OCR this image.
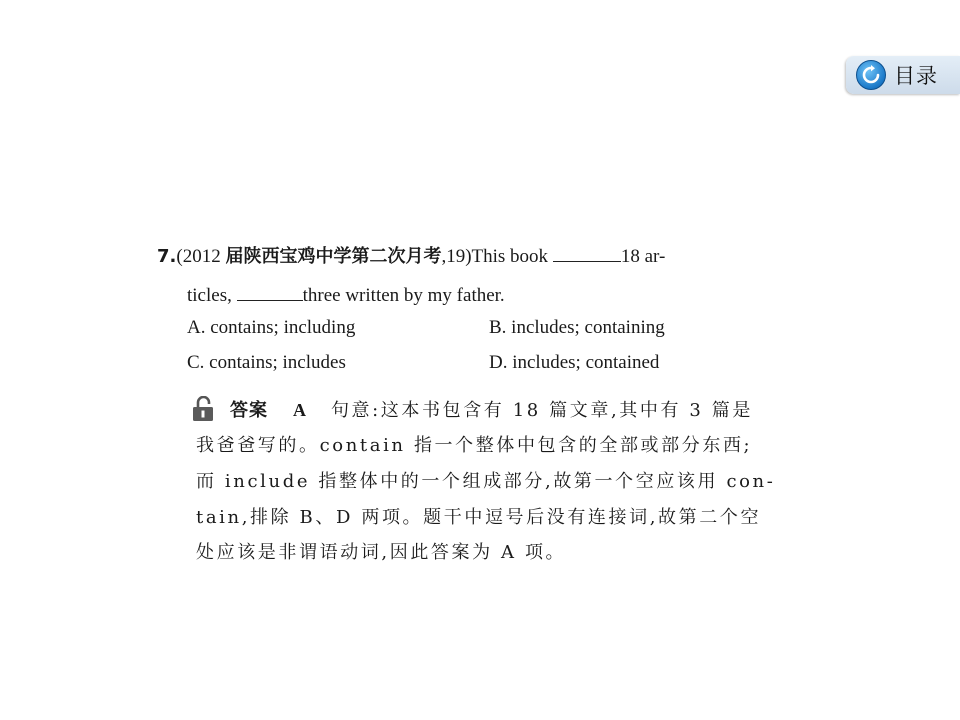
目录
7.(2012 届陕西宝鸡中学第二次月考,19)This book	18 ar-
ticles,	three written by my father.
A. contains; including	B. includes; containing
C. contains; includes	D. includes; contained
答案 A 句意:这本书包含有 18 篇文章,其中有 3 篇是
我爸爸写的。contain 指一个整体中包含的全部或部分东西;
而 include 指整体中的一个组成部分,故第一个空应该用 con-
tain,排除 B、D 两项。题干中逗号后没有连接词,故第二个空
处应该是非谓语动词,因此答案为 A 项。
